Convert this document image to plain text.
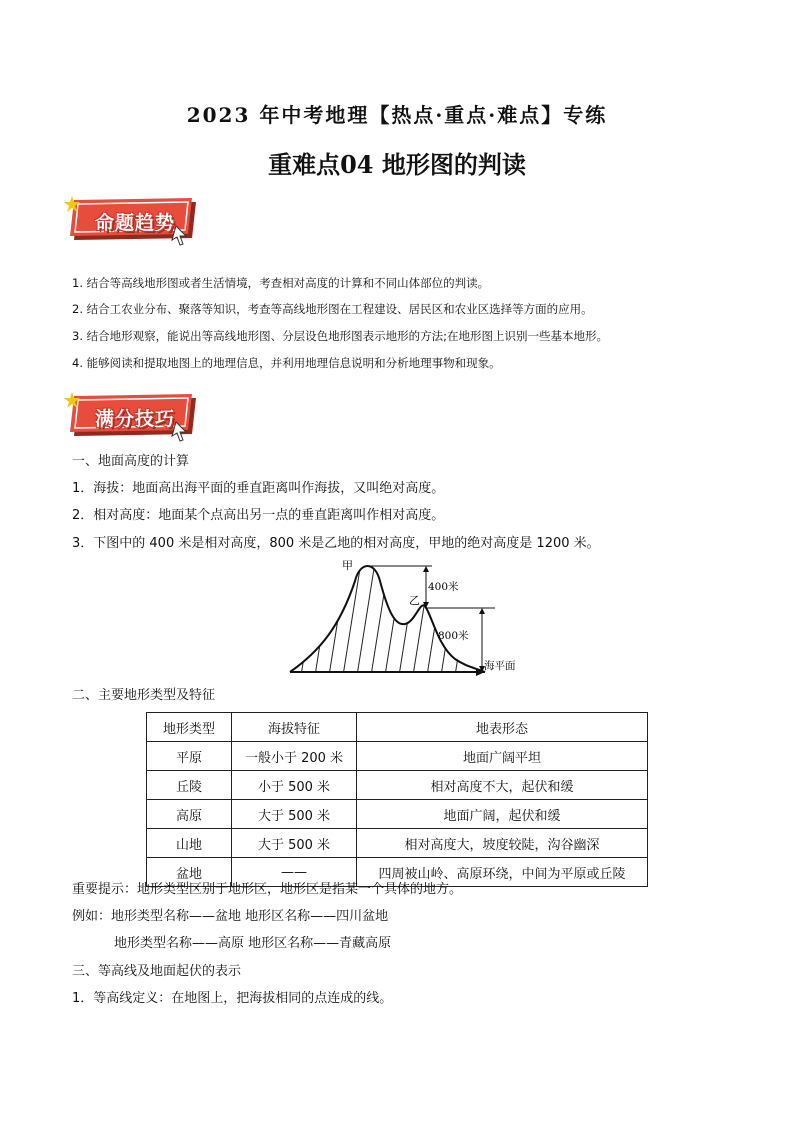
2023 年中考地理【热点·重点·难点】专练
重难点04 地形图的判读
命题趋势
1. 结合等高线地形图或者生活情境，考查相对高度的计算和不同山体部位的判读。
2. 结合工农业分布、聚落等知识，考查等高线地形图在工程建设、居民区和农业区选择等方面的应用。
3. 结合地形观察，能说出等高线地形图、分层设色地形图表示地形的方法;在地形图上识别一些基本地形。
4. 能够阅读和提取地图上的地理信息，并利用地理信息说明和分析地理事物和现象。
满分技巧
一、地面高度的计算
1．海拔：地面高出海平面的垂直距离叫作海拔，又叫绝对高度。
2．相对高度：地面某个点高出另一点的垂直距离叫作相对高度。
3．下图中的 400 米是相对高度，800 米是乙地的相对高度，甲地的绝对高度是 1200 米。
甲
乙
400米
800米
海平面
二、主要地形类型及特征
地形类型	海拔特征	地表形态
平原	一般小于 200 米	地面广阔平坦
丘陵	小于 500 米	相对高度不大，起伏和缓
高原	大于 500 米	地面广阔，起伏和缓
山地	大于 500 米	相对高度大，坡度较陡，沟谷幽深
盆地	——	四周被山岭、高原环绕，中间为平原或丘陵
重要提示：地形类型区别于地形区，地形区是指某一个具体的地方。
例如：地形类型名称——盆地 地形区名称——四川盆地
地形类型名称——高原 地形区名称——青藏高原
三、等高线及地面起伏的表示
1．等高线定义：在地图上，把海拔相同的点连成的线。
